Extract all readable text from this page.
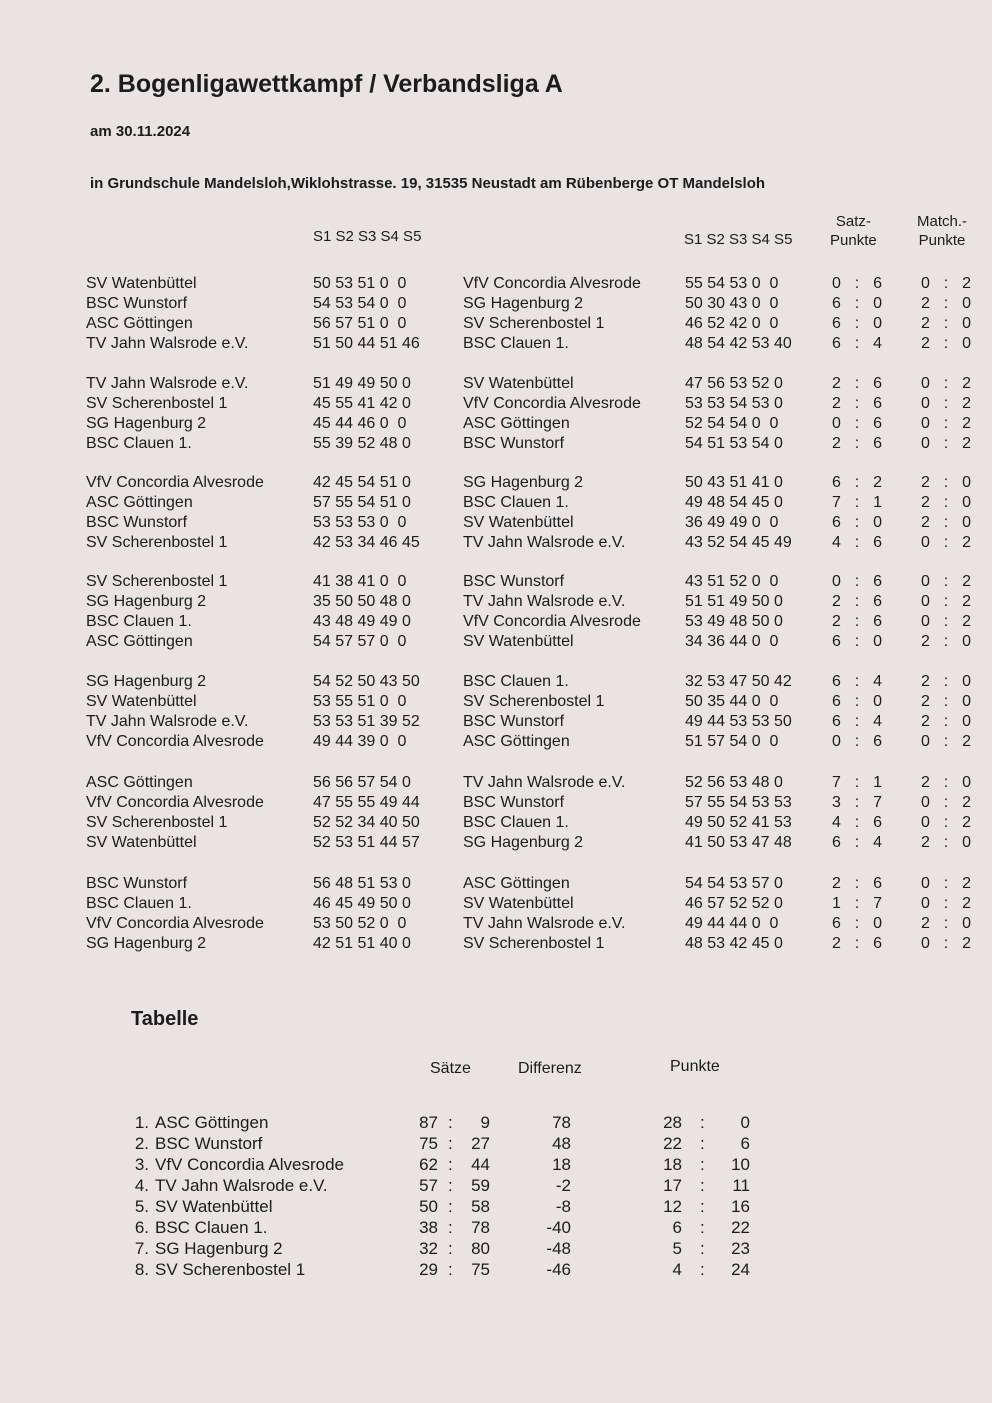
2. Bogenligawettkampf / Verbandsliga A
am 30.11.2024
in Grundschule Mandelsloh,Wiklohstrasse. 19, 31535 Neustadt am Rübenberge OT Mandelsloh
S1 S2 S3 S4 S5	S1 S2 S3 S4 S5
Satz-
Punkte
Match.-
Punkte
SV Watenbüttel	50 53 51 0  0	VfV Concordia Alvesrode	55 54 53 0  0	0 : 6 0 : 2
BSC Wunstorf	54 53 54 0  0	SG Hagenburg 2	50 30 43 0  0	6 : 0 2 : 0
ASC Göttingen	56 57 51 0  0	SV Scherenbostel 1	46 52 42 0  0	6 : 0 2 : 0
TV Jahn Walsrode e.V.	51 50 44 51 46	BSC Clauen 1.	48 54 42 53 40	6 : 4 2 : 0
TV Jahn Walsrode e.V.	51 49 49 50 0	SV Watenbüttel	47 56 53 52 0	2 : 6 0 : 2
SV Scherenbostel 1	45 55 41 42 0	VfV Concordia Alvesrode	53 53 54 53 0	2 : 6 0 : 2
SG Hagenburg 2	45 44 46 0  0	ASC Göttingen	52 54 54 0  0	0 : 6 0 : 2
BSC Clauen 1.	55 39 52 48 0	BSC Wunstorf	54 51 53 54 0	2 : 6 0 : 2
VfV Concordia Alvesrode	42 45 54 51 0	SG Hagenburg 2	50 43 51 41 0	6 : 2 2 : 0
ASC Göttingen	57 55 54 51 0	BSC Clauen 1.	49 48 54 45 0	7 : 1 2 : 0
BSC Wunstorf	53 53 53 0  0	SV Watenbüttel	36 49 49 0  0	6 : 0 2 : 0
SV Scherenbostel 1	42 53 34 46 45	TV Jahn Walsrode e.V.	43 52 54 45 49	4 : 6 0 : 2
SV Scherenbostel 1	41 38 41 0  0	BSC Wunstorf	43 51 52 0  0	0 : 6 0 : 2
SG Hagenburg 2	35 50 50 48 0	TV Jahn Walsrode e.V.	51 51 49 50 0	2 : 6 0 : 2
BSC Clauen 1.	43 48 49 49 0	VfV Concordia Alvesrode	53 49 48 50 0	2 : 6 0 : 2
ASC Göttingen	54 57 57 0  0	SV Watenbüttel	34 36 44 0  0	6 : 0 2 : 0
SG Hagenburg 2	54 52 50 43 50	BSC Clauen 1.	32 53 47 50 42	6 : 4 2 : 0
SV Watenbüttel	53 55 51 0  0	SV Scherenbostel 1	50 35 44 0  0	6 : 0 2 : 0
TV Jahn Walsrode e.V.	53 53 51 39 52	BSC Wunstorf	49 44 53 53 50	6 : 4 2 : 0
VfV Concordia Alvesrode	49 44 39 0  0	ASC Göttingen	51 57 54 0  0	0 : 6 0 : 2
ASC Göttingen	56 56 57 54 0	TV Jahn Walsrode e.V.	52 56 53 48 0	7 : 1 2 : 0
VfV Concordia Alvesrode	47 55 55 49 44	BSC Wunstorf	57 55 54 53 53	3 : 7 0 : 2
SV Scherenbostel 1	52 52 34 40 50	BSC Clauen 1.	49 50 52 41 53	4 : 6 0 : 2
SV Watenbüttel	52 53 51 44 57	SG Hagenburg 2	41 50 53 47 48	6 : 4 2 : 0
BSC Wunstorf	56 48 51 53 0	ASC Göttingen	54 54 53 57 0	2 : 6 0 : 2
BSC Clauen 1.	46 45 49 50 0	SV Watenbüttel	46 57 52 52 0	1 : 7 0 : 2
VfV Concordia Alvesrode	53 50 52 0  0	TV Jahn Walsrode e.V.	49 44 44 0  0	6 : 0 2 : 0
SG Hagenburg 2	42 51 51 40 0	SV Scherenbostel 1	48 53 42 45 0	2 : 6 0 : 2
Tabelle
Sätze	Differenz	Punkte
1. ASC Göttingen	87 :	9	78	28 :	0
2. BSC Wunstorf	75 :	27	48	22 :	6
3. VfV Concordia Alvesrode	62 :	44	18	18 :	10
4. TV Jahn Walsrode e.V.	57 :	59	-2	17 :	11
5. SV Watenbüttel	50 :	58	-8	12 :	16
6. BSC Clauen 1.	38 :	78	-40	6 :	22
7. SG Hagenburg 2	32 :	80	-48	5 :	23
8. SV Scherenbostel 1	29 :	75	-46	4 :	24
